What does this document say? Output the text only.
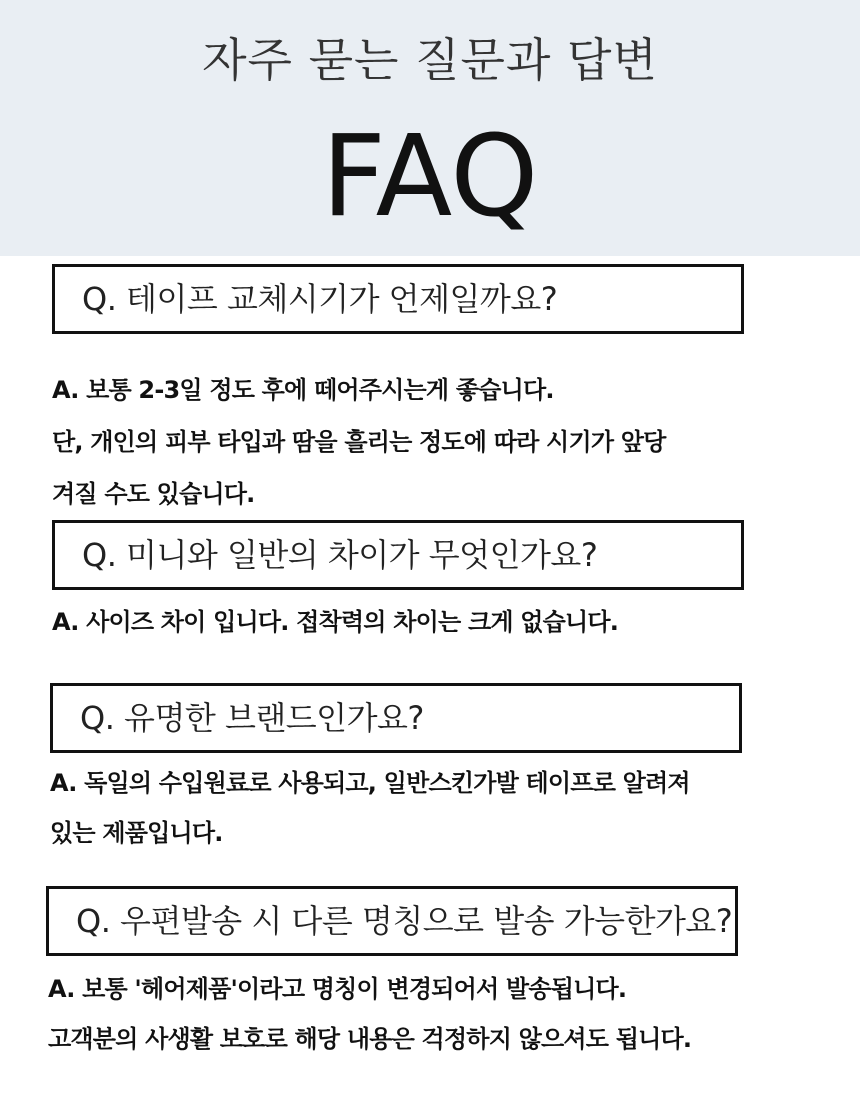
자주 묻는 질문과 답변
FAQ
Q. 테이프 교체시기가 언제일까요?
A. 보통 2-3일 정도 후에 떼어주시는게 좋습니다.
단, 개인의 피부 타입과 땀을 흘리는 정도에 따라 시기가 앞당
겨질 수도 있습니다.
Q. 미니와 일반의 차이가 무엇인가요?
A. 사이즈 차이 입니다. 접착력의 차이는 크게 없습니다.
Q. 유명한 브랜드인가요?
A. 독일의 수입원료로 사용되고, 일반스킨가발 테이프로 알려져
있는 제품입니다.
Q. 우편발송 시 다른 명칭으로 발송 가능한가요?
A. 보통 '헤어제품'이라고 명칭이 변경되어서 발송됩니다.
고객분의 사생활 보호로 해당 내용은 걱정하지 않으셔도 됩니다.
